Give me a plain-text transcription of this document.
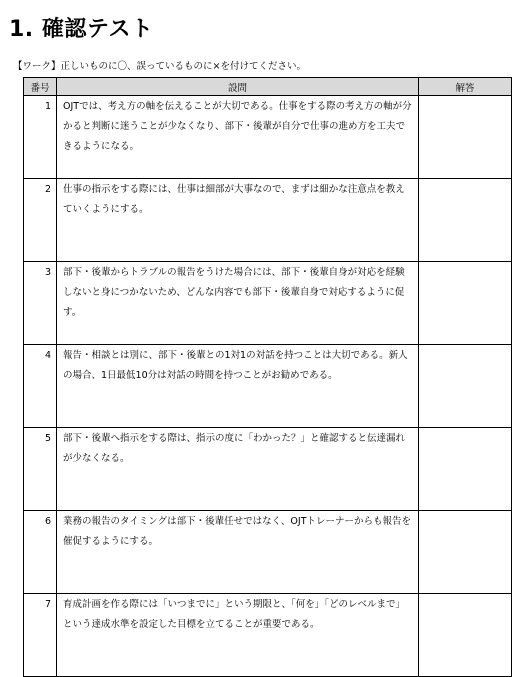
1. 確認テスト
【ワーク】正しいものに〇、誤っているものに×を付けてください。
番号	設問	解答
1	OJTでは、考え方の軸を伝えることが大切である。仕事をする際の考え方の軸が分かると判断に迷うことが少なくなり、部下・後輩が自分で仕事の進め方を工夫できるようになる。	
2	仕事の指示をする際には、仕事は細部が大事なので、まずは細かな注意点を教えていくようにする。	
3	部下・後輩からトラブルの報告をうけた場合には、部下・後輩自身が対応を経験しないと身につかないため、どんな内容でも部下・後輩自身で対応するように促す。	
4	報告・相談とは別に、部下・後輩との1対1の対話を持つことは大切である。新人の場合、1日最低10分は対話の時間を持つことがお勧めである。	
5	部下・後輩へ指示をする際は、指示の度に「わかった？」と確認すると伝達漏れが少なくなる。	
6	業務の報告のタイミングは部下・後輩任せではなく、OJTトレーナーからも報告を催促するようにする。	
7	育成計画を作る際には「いつまでに」という期限と、「何を」「どのレベルまで」という達成水準を設定した目標を立てることが重要である。	
